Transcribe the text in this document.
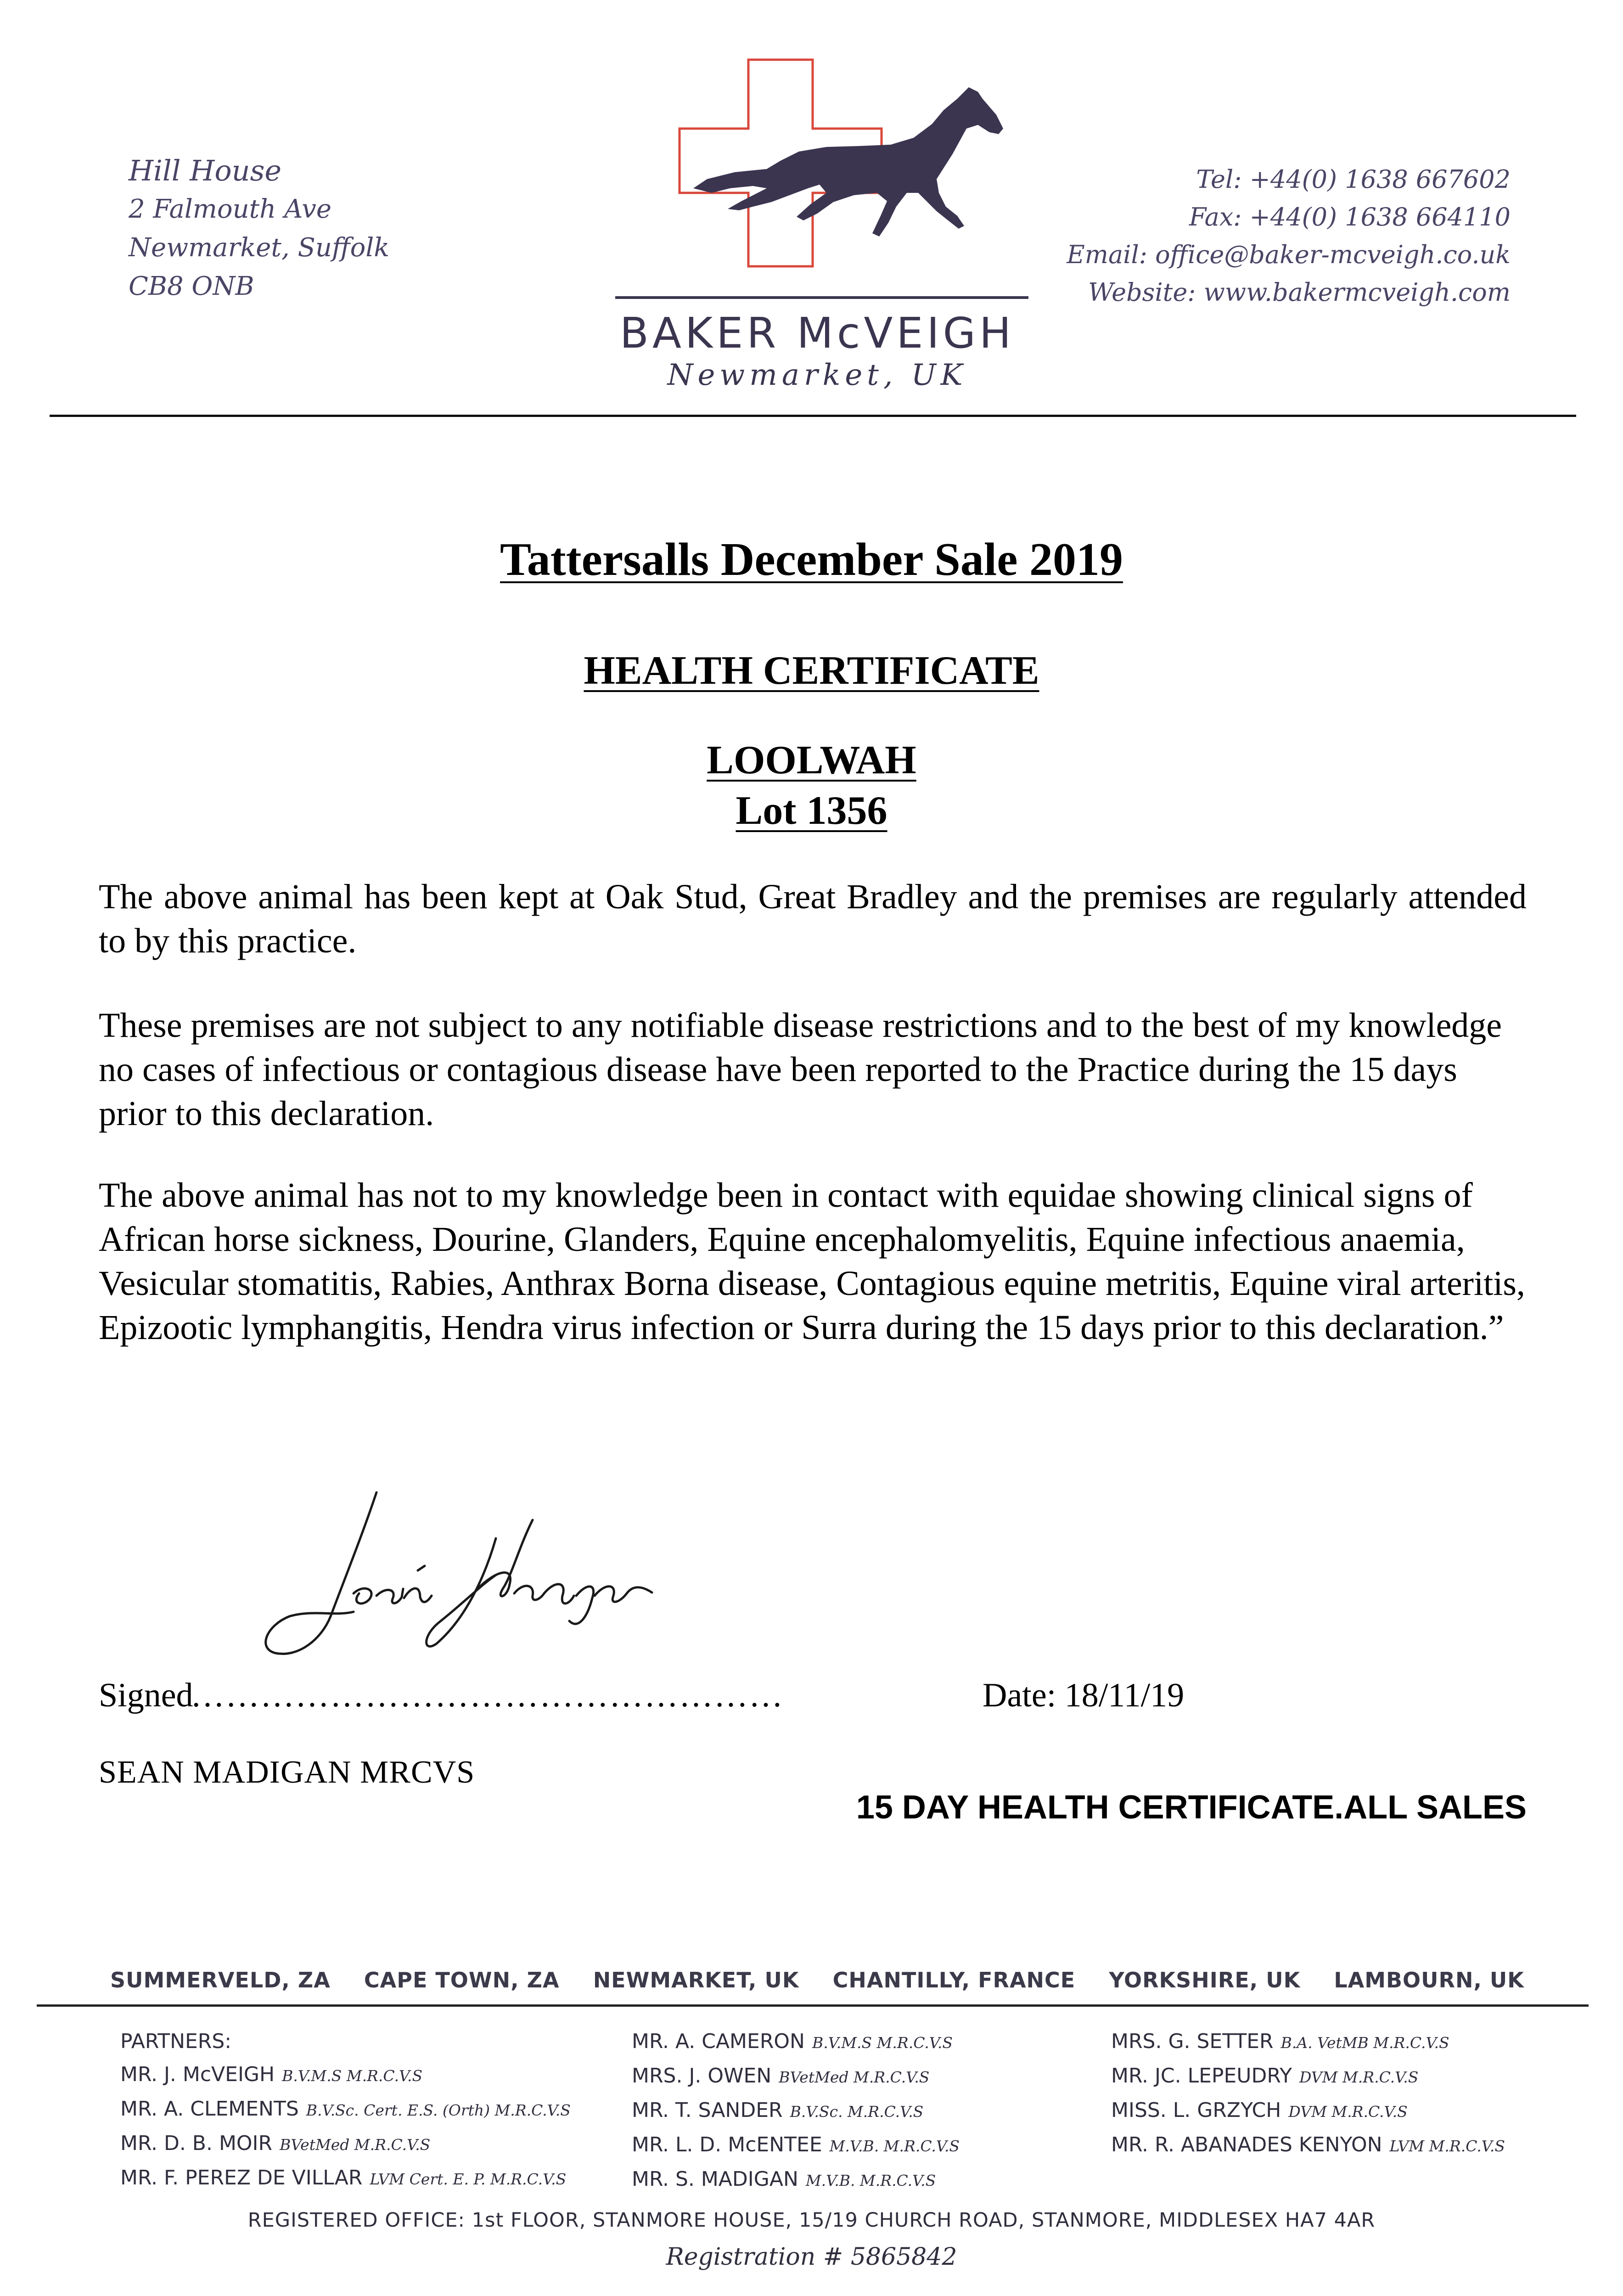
Hill House
2 Falmouth Ave
Newmarket, Suffolk
CB8 ONB
BAKER McVEIGH
Newmarket, UK
Tel: +44(0) 1638 667602
Fax: +44(0) 1638 664110
Email: office@baker-mcveigh.co.uk
Website: www.bakermcveigh.com
Tattersalls December Sale 2019
HEALTH CERTIFICATE
LOOLWAH
Lot 1356
The above animal has been kept at Oak Stud, Great Bradley and the premises are regularly attended to by this practice.
These premises are not subject to any notifiable disease restrictions and to the best of my knowledge no cases of infectious or contagious disease have been reported to the Practice during the 15 days prior to this declaration.
The above animal has not to my knowledge been in contact with equidae showing clinical signs of African horse sickness, Dourine, Glanders, Equine encephalomyelitis, Equine infectious anaemia, Vesicular stomatitis, Rabies, Anthrax Borna disease, Contagious equine metritis, Equine viral arteritis, Epizootic lymphangitis, Hendra virus infection or Surra during the 15 days prior to this declaration.”
Signed
……………………………………………	Date: 18/11/19
SEAN MADIGAN MRCVS
15 DAY HEALTH CERTIFICATE.ALL SALES
SUMMERVELD, ZA CAPE TOWN, ZA NEWMARKET, UK CHANTILLY, FRANCE YORKSHIRE, UK LAMBOURN, UK
PARTNERS:
MR. J. McVEIGH B.V.M.S M.R.C.V.S
MR. A. CLEMENTS B.V.Sc. Cert. E.S. (Orth) M.R.C.V.S
MR. D. B. MOIR BVetMed M.R.C.V.S
MR. F. PEREZ DE VILLAR LVM Cert. E. P. M.R.C.V.S
MR. A. CAMERON B.V.M.S M.R.C.V.S
MRS. J. OWEN BVetMed M.R.C.V.S
MR. T. SANDER B.V.Sc. M.R.C.V.S
MR. L. D. McENTEE M.V.B. M.R.C.V.S
MR. S. MADIGAN M.V.B. M.R.C.V.S
MRS. G. SETTER B.A. VetMB M.R.C.V.S
MR. JC. LEPEUDRY DVM M.R.C.V.S
MISS. L. GRZYCH DVM M.R.C.V.S
MR. R. ABANADES KENYON LVM M.R.C.V.S
REGISTERED OFFICE: 1st FLOOR, STANMORE HOUSE, 15/19 CHURCH ROAD, STANMORE, MIDDLESEX HA7 4AR
Registration # 5865842
